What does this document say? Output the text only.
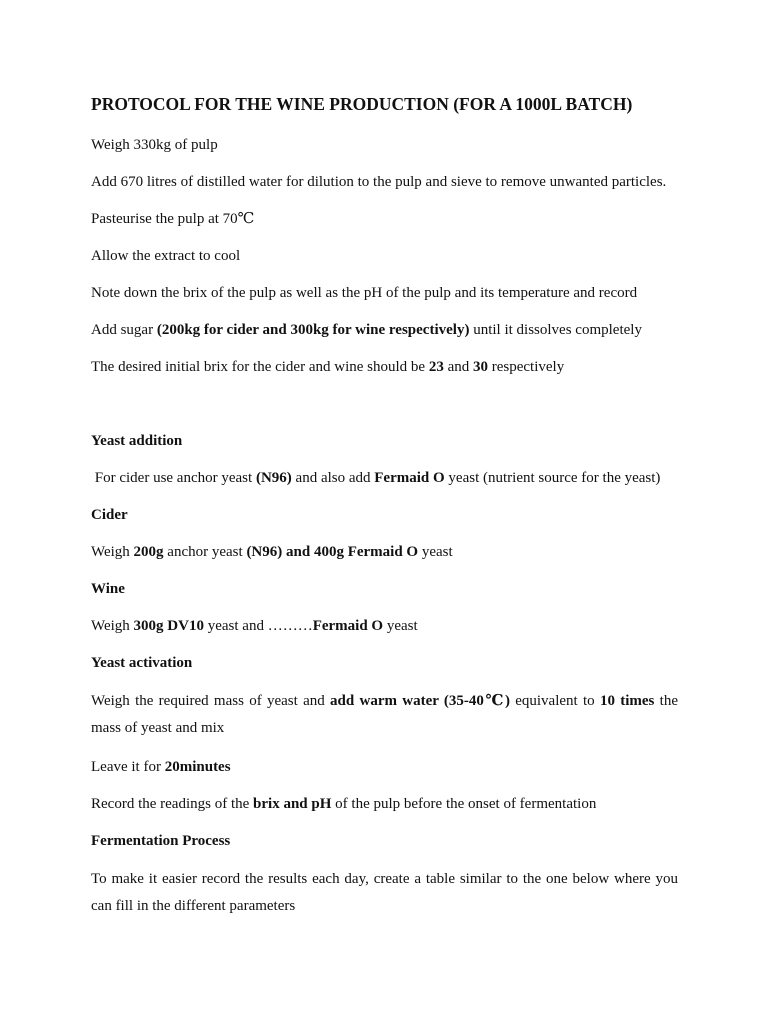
PROTOCOL FOR THE WINE PRODUCTION (FOR A 1000L BATCH)

Weigh 330kg of pulp

Add 670 litres of distilled water for dilution to the pulp and sieve to remove unwanted particles.

Pasteurise the pulp at 70℃

Allow the extract to cool

Note down the brix of the pulp as well as the pH of the pulp and its temperature and record

Add sugar (200kg for cider and 300kg for wine respectively) until it dissolves completely

The desired initial brix for the cider and wine should be 23 and 30 respectively

Yeast addition

For cider use anchor yeast (N96) and also add Fermaid O yeast (nutrient source for the yeast)

Cider

Weigh 200g anchor yeast (N96) and 400g Fermaid O yeast

Wine

Weigh 300g DV10 yeast and ………Fermaid O yeast

Yeast activation

Weigh the required mass of yeast and add warm water (35-40℃) equivalent to 10 times the mass of yeast and mix

Leave it for 20minutes

Record the readings of the brix and pH of the pulp before the onset of fermentation

Fermentation Process

To make it easier record the results each day, create a table similar to the one below where you can fill in the different parameters
